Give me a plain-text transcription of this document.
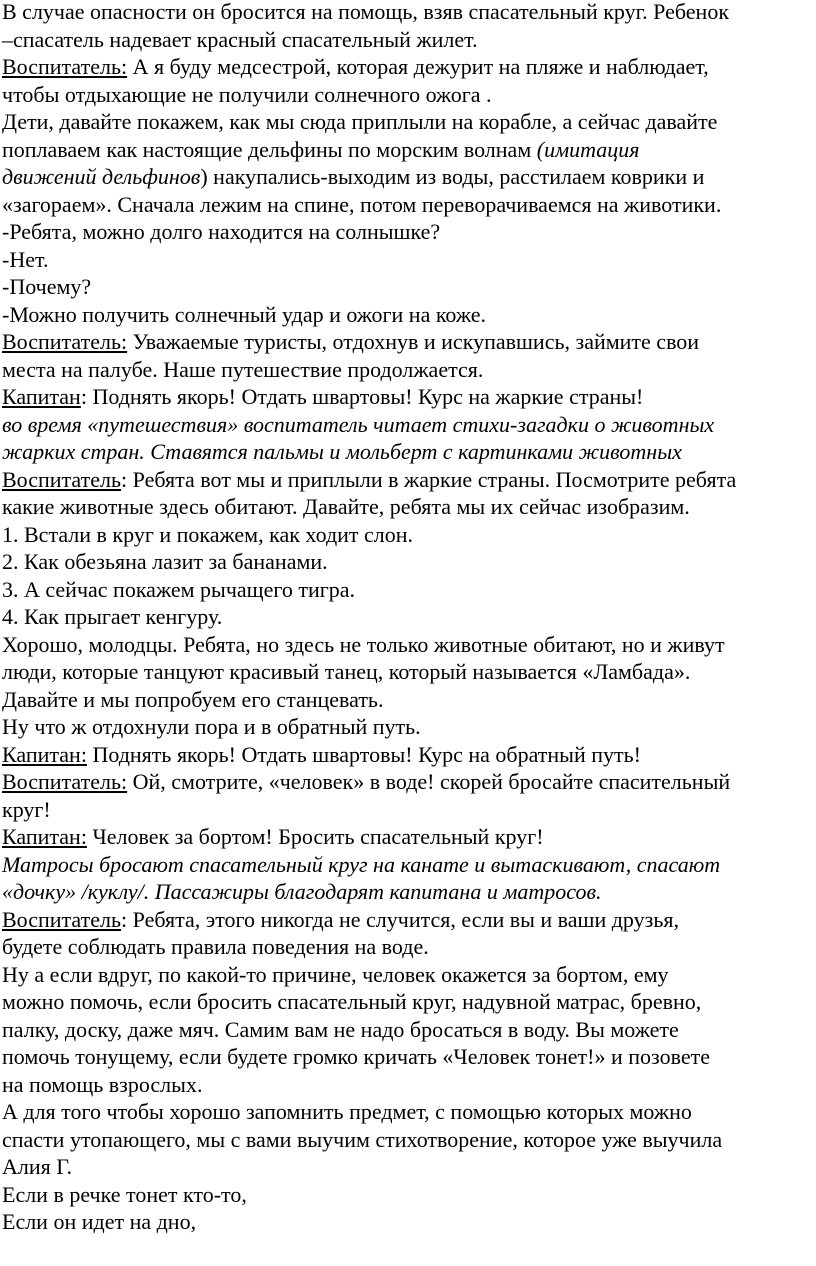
В случае опасности он бросится на помощь, взяв спасательный круг. Ребенок
–спасатель надевает красный спасательный жилет.
Воспитатель: А я буду медсестрой, которая дежурит на пляже и наблюдает,
чтобы отдыхающие не получили солнечного ожога .
Дети, давайте покажем, как мы сюда приплыли на корабле, а сейчас давайте
поплаваем как настоящие дельфины по морским волнам (имитация
движений дельфинов) накупались-выходим из воды, расстилаем коврики и
«загораем». Сначала лежим на спине, потом переворачиваемся на животики.
-Ребята, можно долго находится на солнышке?
-Нет.
-Почему?
-Можно получить солнечный удар и ожоги на коже.
Воспитатель: Уважаемые туристы, отдохнув и искупавшись, займите свои
места на палубе. Наше путешествие продолжается.
Капитан: Поднять якорь! Отдать швартовы! Курс на жаркие страны!
во время «путешествия» воспитатель читает стихи-загадки о животных
жарких стран. Ставятся пальмы и мольберт с картинками животных
Воспитатель: Ребята вот мы и приплыли в жаркие страны. Посмотрите ребята
какие животные здесь обитают. Давайте, ребята мы их сейчас изобразим.
1. Встали в круг и покажем, как ходит слон.
2. Как обезьяна лазит за бананами.
3. А сейчас покажем рычащего тигра.
4. Как прыгает кенгуру.
Хорошо, молодцы. Ребята, но здесь не только животные обитают, но и живут
люди, которые танцуют красивый танец, который называется «Ламбада».
Давайте и мы попробуем его станцевать.
Ну что ж отдохнули пора и в обратный путь.
Капитан: Поднять якорь! Отдать швартовы! Курс на обратный путь!
Воспитатель: Ой, смотрите, «человек» в воде! скорей бросайте спасительный
круг!
Капитан: Человек за бортом! Бросить спасательный круг!
Матросы бросают спасательный круг на канате и вытаскивают, спасают
«дочку» /куклу/. Пассажиры благодарят капитана и матросов.
Воспитатель: Ребята, этого никогда не случится, если вы и ваши друзья,
будете соблюдать правила поведения на воде.
Ну а если вдруг, по какой-то причине, человек окажется за бортом, ему
можно помочь, если бросить спасательный круг, надувной матрас, бревно,
палку, доску, даже мяч. Самим вам не надо бросаться в воду. Вы можете
помочь тонущему, если будете громко кричать «Человек тонет!» и позовете
на помощь взрослых.
А для того чтобы хорошо запомнить предмет, с помощью которых можно
спасти утопающего, мы с вами выучим стихотворение, которое уже выучила
Алия Г.
Если в речке тонет кто-то,
Если он идет на дно,
